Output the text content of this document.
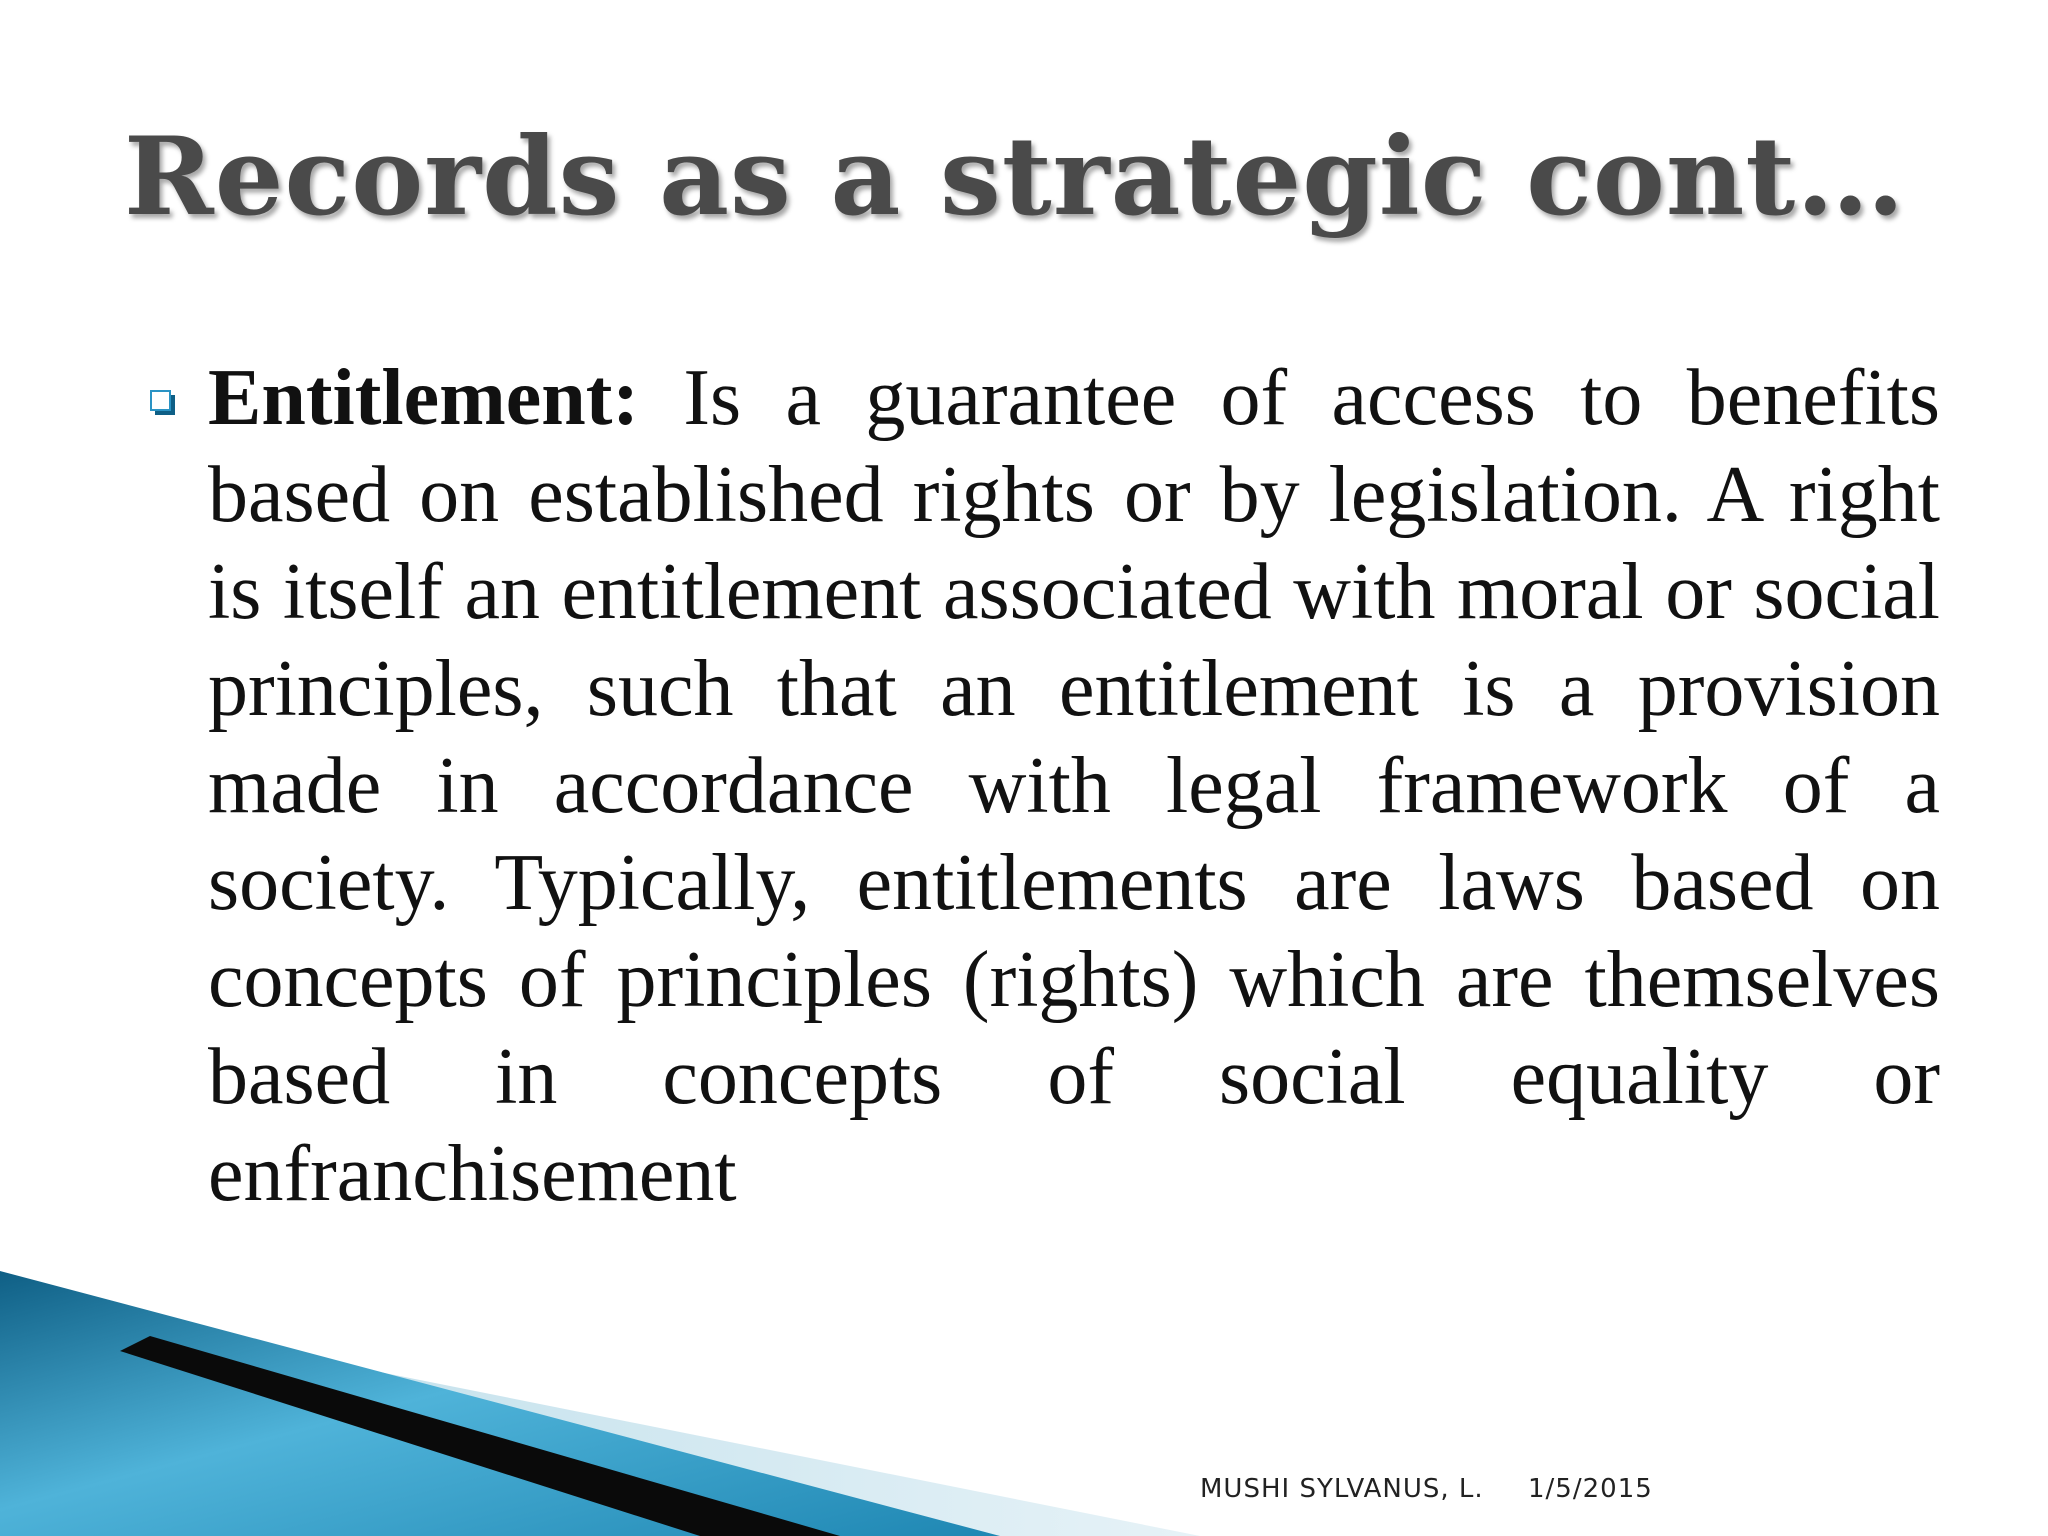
Records as a strategic cont…

Entitlement: Is a guarantee of access to benefits based on established rights or by legislation. A right is itself an entitlement associated with moral or social principles, such that an entitlement is a provision made in accordance with legal framework of a society. Typically, entitlements are laws based on concepts of principles (rights) which are themselves based in concepts of social equality or enfranchisement

MUSHI SYLVANUS, L. 1/5/2015
